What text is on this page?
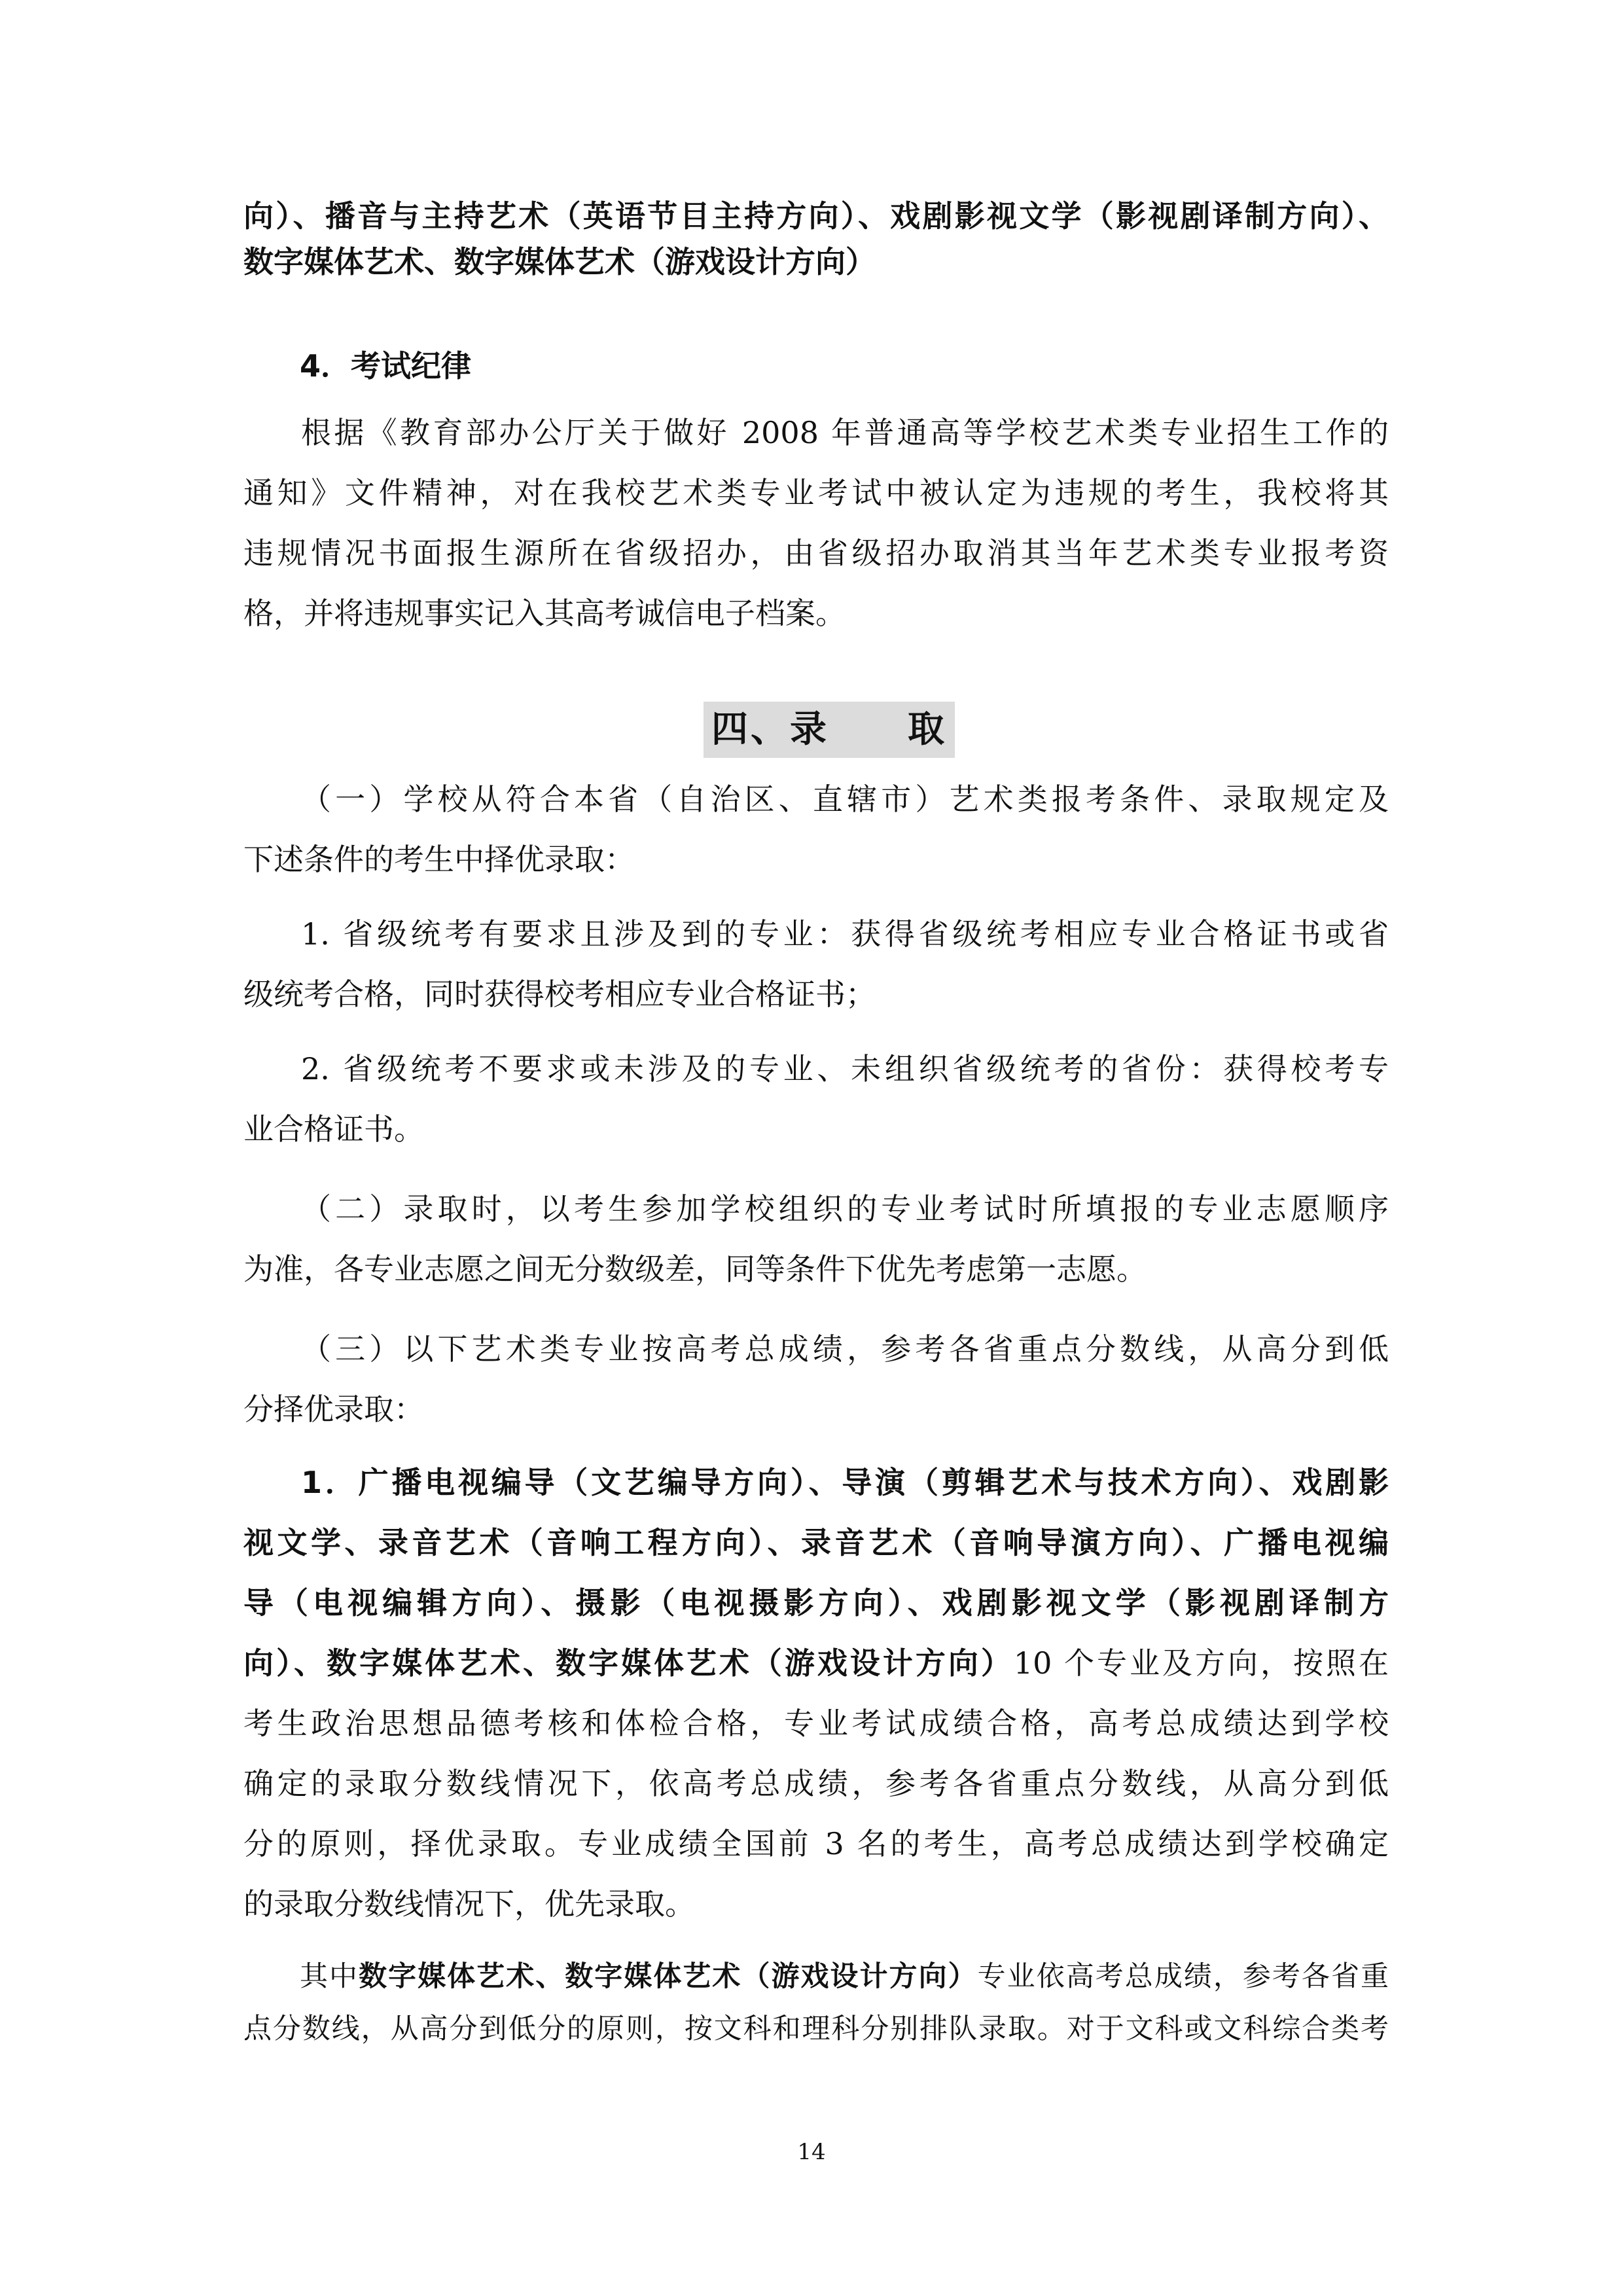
向）、播音与主持艺术（英语节目主持方向）、戏剧影视文学（影视剧译制方向）、
数字媒体艺术、数字媒体艺术（游戏设计方向）
4．考试纪律
根据《教育部办公厅关于做好 2008 年普通高等学校艺术类专业招生工作的
通知》文件精神，对在我校艺术类专业考试中被认定为违规的考生，我校将其
违规情况书面报生源所在省级招办，由省级招办取消其当年艺术类专业报考资
格，并将违规事实记入其高考诚信电子档案。
四、录　　取
（一）学校从符合本省（自治区、直辖市）艺术类报考条件、录取规定及
下述条件的考生中择优录取：
1. 省级统考有要求且涉及到的专业：获得省级统考相应专业合格证书或省
级统考合格，同时获得校考相应专业合格证书；
2. 省级统考不要求或未涉及的专业、未组织省级统考的省份：获得校考专
业合格证书。
（二）录取时，以考生参加学校组织的专业考试时所填报的专业志愿顺序
为准，各专业志愿之间无分数级差，同等条件下优先考虑第一志愿。
（三）以下艺术类专业按高考总成绩，参考各省重点分数线，从高分到低
分择优录取：
1．广播电视编导（文艺编导方向）、导演（剪辑艺术与技术方向）、戏剧影
视文学、录音艺术（音响工程方向）、录音艺术（音响导演方向）、广播电视编
导（电视编辑方向）、摄影（电视摄影方向）、戏剧影视文学（影视剧译制方
向）、数字媒体艺术、数字媒体艺术（游戏设计方向）10 个专业及方向，按照在
考生政治思想品德考核和体检合格，专业考试成绩合格，高考总成绩达到学校
确定的录取分数线情况下，依高考总成绩，参考各省重点分数线，从高分到低
分的原则，择优录取。专业成绩全国前 3 名的考生，高考总成绩达到学校确定
的录取分数线情况下，优先录取。
其中数字媒体艺术、数字媒体艺术（游戏设计方向）专业依高考总成绩，参考各省重
点分数线，从高分到低分的原则，按文科和理科分别排队录取。对于文科或文科综合类考
14
